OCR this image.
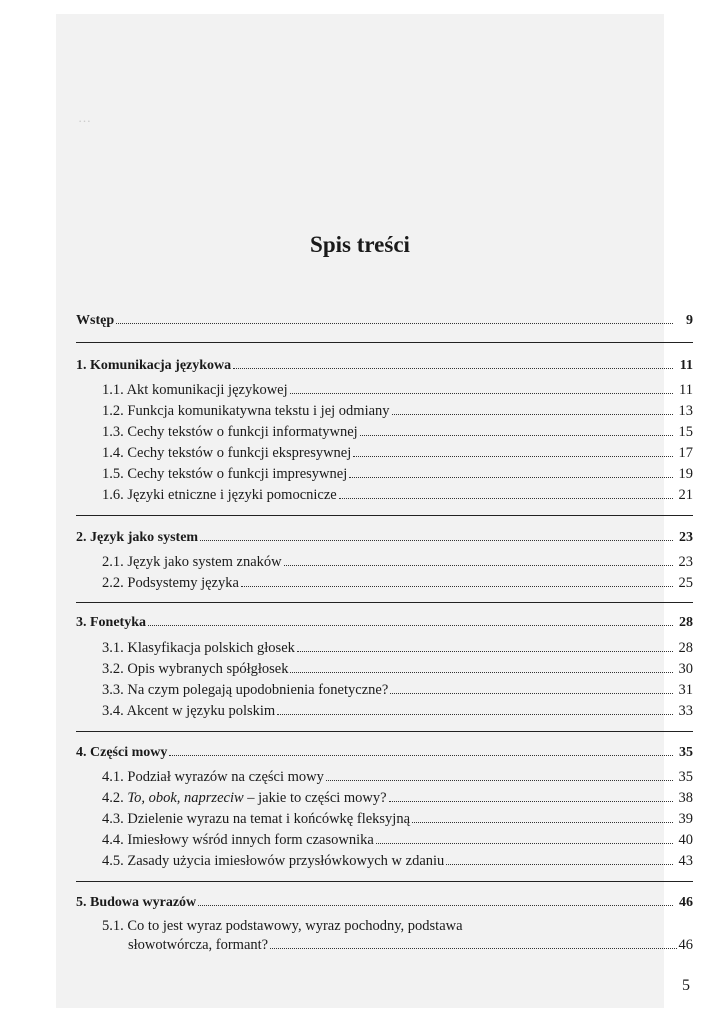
…
Spis treści
Wstęp	9
1. Komunikacja językowa	11
1.1. Akt komunikacji językowej	11
1.2. Funkcja komunikatywna tekstu i jej odmiany	13
1.3. Cechy tekstów o funkcji informatywnej	15
1.4. Cechy tekstów o funkcji ekspresywnej	17
1.5. Cechy tekstów o funkcji impresywnej	19
1.6. Języki etniczne i języki pomocnicze	21
2. Język jako system	23
2.1. Język jako system znaków	23
2.2. Podsystemy języka	25
3. Fonetyka	28
3.1. Klasyfikacja polskich głosek	28
3.2. Opis wybranych spółgłosek	30
3.3. Na czym polegają upodobnienia fonetyczne?	31
3.4. Akcent w języku polskim	33
4. Części mowy	35
4.1. Podział wyrazów na części mowy	35
4.2. To, obok, naprzeciw – jakie to części mowy?	38
4.3. Dzielenie wyrazu na temat i końcówkę fleksyjną	39
4.4. Imiesłowy wśród innych form czasownika	40
4.5. Zasady użycia imiesłowów przysłówkowych w zdaniu	43
5. Budowa wyrazów	46
5.1. Co to jest wyraz podstawowy, wyraz pochodny, podstawa
słowotwórcza, formant?	46
5
